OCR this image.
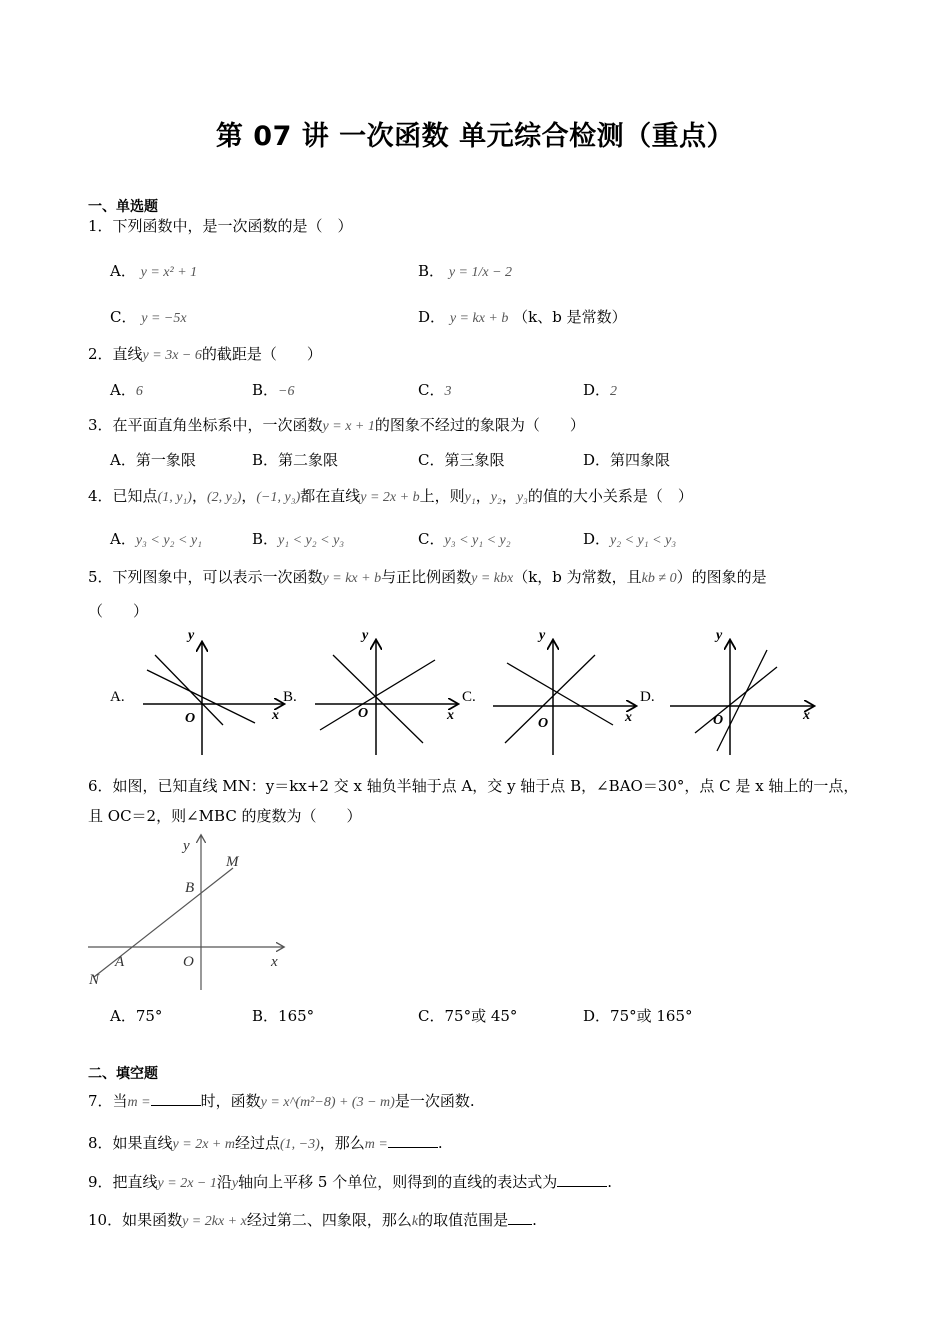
第 07 讲 一次函数 单元综合检测（重点）
一、单选题
1．下列函数中，是一次函数的是（　）
A． y = x² + 1	B． y = 1/x − 2
C． y = −5x	D． y = kx + b （k、b 是常数）
2．直线y = 3x − 6的截距是（　　）
A．6	B．−6	C．3	D．2
3．在平面直角坐标系中，一次函数y = x + 1的图象不经过的象限为（　　）
A．第一象限	B．第二象限	C．第三象限	D．第四象限
4．已知点(1, y₁)，(2, y₂)，(−1, y₃)都在直线y = 2x + b上，则y₁，y₂，y₃的值的大小关系是（　）
A．y₃ < y₂ < y₁	B．y₁ < y₂ < y₃	C．y₃ < y₁ < y₂	D．y₂ < y₁ < y₃
5．下列图象中，可以表示一次函数y = kx + b与正比例函数y = kbx（k，b 为常数，且kb ≠ 0）的图象的是
（　　）
A.
y
x
O
B.
y
x
O
C.
y
x
O
D.
y
x
O
6．如图，已知直线 MN：y＝kx+2 交 x 轴负半轴于点 A，交 y 轴于点 B，∠BAO＝30°，点 C 是 x 轴上的一点，
且 OC＝2，则∠MBC 的度数为（　　）
y
M
B
A	O	x
N
A．75°	B．165°	C．75°或 45°	D．75°或 165°
二、填空题
7．当m =	时，函数y = x^(m²−8) + (3 − m)是一次函数.
8．如果直线y = 2x + m经过点(1, −3)，那么m =	.
9．把直线y = 2x − 1沿y轴向上平移 5 个单位，则得到的直线的表达式为	.
10．如果函数y = 2kx + x经过第二、四象限，那么k的取值范围是 .
